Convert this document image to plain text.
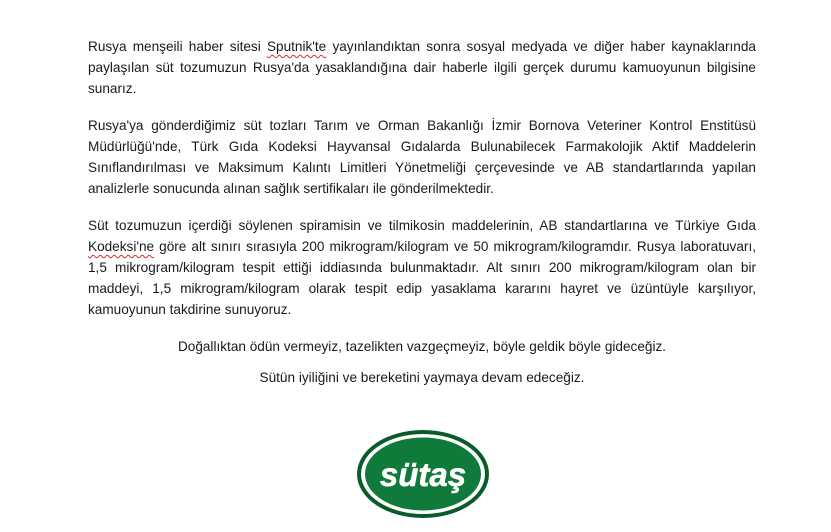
Rusya menşeili haber sitesi Sputnik'te yayınlandıktan sonra sosyal medyada ve diğer haber kaynaklarında paylaşılan süt tozumuzun Rusya'da yasaklandığına dair haberle ilgili gerçek durumu kamuoyunun bilgisine sunarız.

Rusya'ya gönderdiğimiz süt tozları Tarım ve Orman Bakanlığı İzmir Bornova Veteriner Kontrol Enstitüsü Müdürlüğü'nde, Türk Gıda Kodeksi Hayvansal Gıdalarda Bulunabilecek Farmakolojik Aktif Maddelerin Sınıflandırılması ve Maksimum Kalıntı Limitleri Yönetmeliği çerçevesinde ve AB standartlarında yapılan analizlerle sonucunda alınan sağlık sertifikaları ile gönderilmektedir.

Süt tozumuzun içerdiği söylenen spiramisin ve tilmikosin maddelerinin, AB standartlarına ve Türkiye Gıda Kodeksi'ne göre alt sınırı sırasıyla 200 mikrogram/kilogram ve 50 mikrogram/kilogramdır. Rusya laboratuvarı, 1,5 mikrogram/kilogram tespit ettiği iddiasında bulunmaktadır. Alt sınırı 200 mikrogram/kilogram olan bir maddeyi, 1,5 mikrogram/kilogram olarak tespit edip yasaklama kararını hayret ve üzüntüyle karşılıyor, kamuoyunun takdirine sunuyoruz.

Doğallıktan ödün vermeyiz, tazelikten vazgeçmeyiz, böyle geldik böyle gideceğiz.

Sütün iyiliğini ve bereketini yaymaya devam edeceğiz.

sütaş
